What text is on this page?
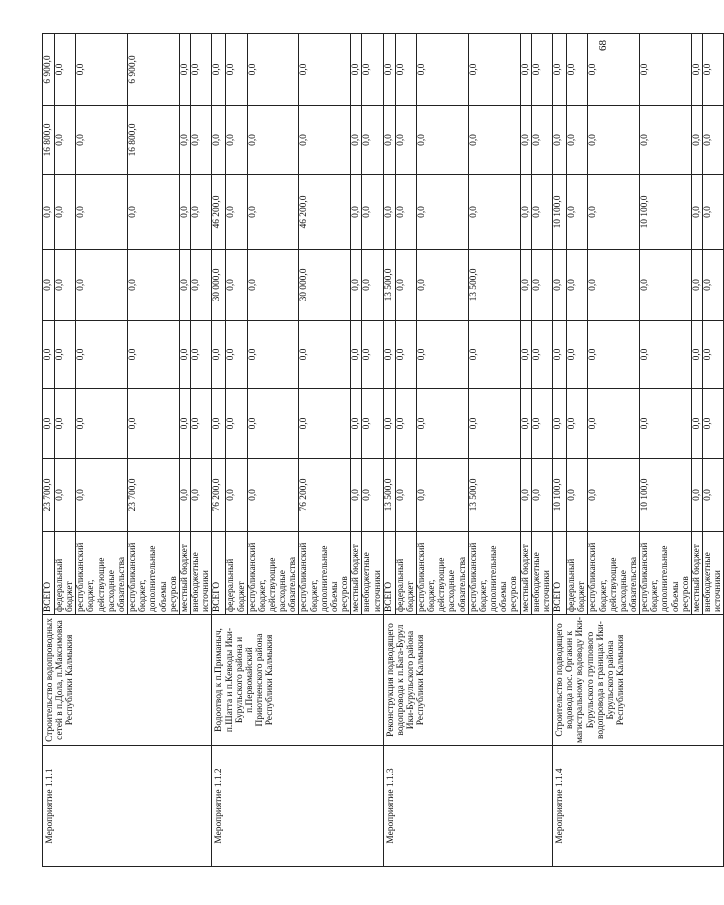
68
Мероприятие 1.1.1	Строительство водопроводных сетей в п.Дола, п.Максимовка Республики Калмыкия	ВСЕГО	23 700,0	0,0	0,0	0,0	0,0	16 800,0	6 900,0
		федеральный бюджет	0,0	0,0	0,0	0,0	0,0	0,0	0,0

		республиканский бюджет, действующие расходные обязательства	0,0	0,0	0,0	0,0	0,0	0,0	0,0

		республиканский бюджет, дополнительные объемы ресурсов	23 700,0	0,0	0,0	0,0	0,0	16 800,0	6 900,0
		местный бюджет	0,0	0,0	0,0	0,0	0,0	0,0	0,0
		внебюджетные источники	0,0	0,0	0,0	0,0	0,0	0,0	0,0
Мероприятие 1.1.2	Водоотвод к п.Приманыч, п.Шатта и п.Кевюды Ики-Бурульского района и п.Первомайский Приютненского района Республики Калмыкия	ВСЕГО	76 200,0	0,0	0,0	30 000,0	46 200,0	0,0	0,0
		федеральный бюджет	0,0	0,0	0,0	0,0	0,0	0,0	0,0

		республиканский бюджет, действующие расходные обязательства	0,0	0,0	0,0	0,0	0,0	0,0	0,0

		республиканский бюджет, дополнительные объемы ресурсов	76 200,0	0,0	0,0	30 000,0	46 200,0	0,0	0,0
		местный бюджет	0,0	0,0	0,0	0,0	0,0	0,0	0,0
		внебюджетные источники	0,0	0,0	0,0	0,0	0,0	0,0	0,0
Мероприятие 1.1.3	Реконструкция подводящего водопровода к п.Бага-Бурул Ики-Бурульского района Республики Калмыкия	ВСЕГО	13 500,0	0,0	0,0	13 500,0	0,0	0,0	0,0
		федеральный бюджет	0,0	0,0	0,0	0,0	0,0	0,0	0,0

		республиканский бюджет, действующие расходные обязательства	0,0	0,0	0,0	0,0	0,0	0,0	0,0

		республиканский бюджет, дополнительные объемы ресурсов	13 500,0	0,0	0,0	13 500,0	0,0	0,0	0,0
		местный бюджет	0,0	0,0	0,0	0,0	0,0	0,0	0,0
		внебюджетные источники	0,0	0,0	0,0	0,0	0,0	0,0	0,0
Мероприятие 1.1.4	Строительство подводящего водовода пос. Оргакин к магистральному водоводу Ики-Бурульского группового водопровода в границах Ики-Бурульского района Республики Калмыкия	ВСЕГО	10 100,0	0,0	0,0	0,0	10 100,0	0,0	0,0
		федеральный бюджет	0,0	0,0	0,0	0,0	0,0	0,0	0,0

		республиканский бюджет, действующие расходные обязательства	0,0	0,0	0,0	0,0	0,0	0,0	0,0

		республиканский бюджет, дополнительные объемы ресурсов	10 100,0	0,0	0,0	0,0	10 100,0	0,0	0,0
		местный бюджет	0,0	0,0	0,0	0,0	0,0	0,0	0,0
		внебюджетные источники	0,0	0,0	0,0	0,0	0,0	0,0	0,0
